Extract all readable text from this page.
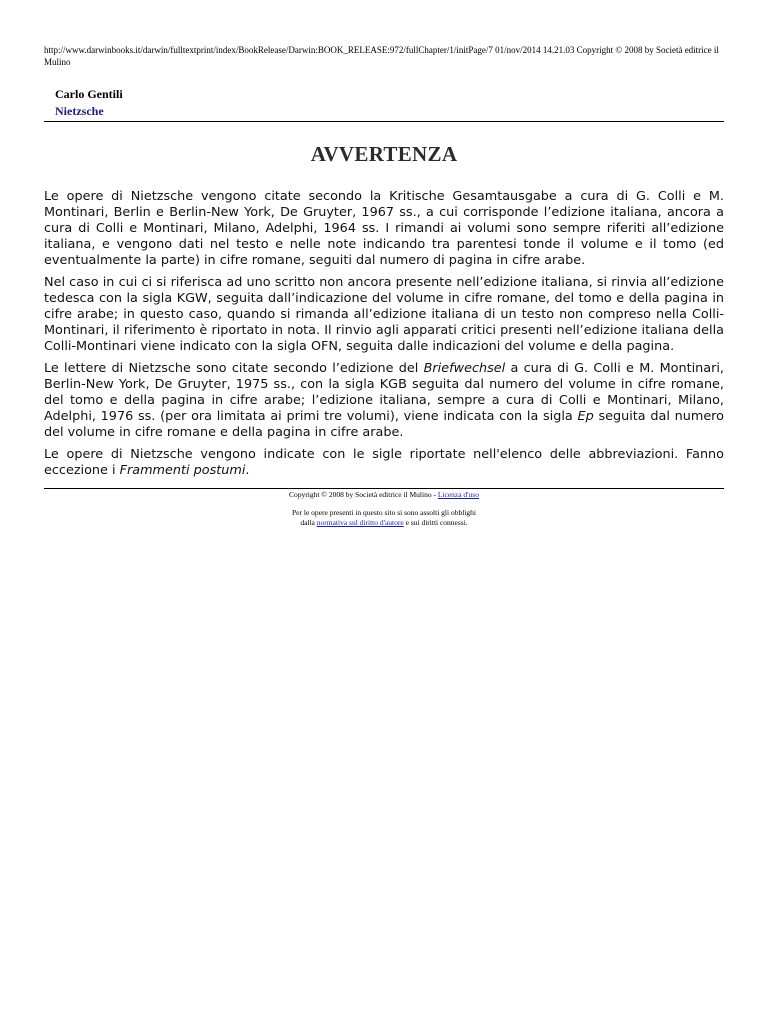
http://www.darwinbooks.it/darwin/fulltextprint/index/BookRelease/Darwin:BOOK_RELEASE:972/fullChapter/1/initPage/7 01/nov/2014 14.21.03 Copyright © 2008 by Società editrice il Mulino

Carlo Gentili
Nietzsche
AVVERTENZA

Le opere di Nietzsche vengono citate secondo la Kritische Gesamtausgabe a cura di G. Colli e M. Montinari, Berlin e Berlin-New York, De Gruyter, 1967 ss., a cui corrisponde l’edizione italiana, ancora a cura di Colli e Montinari, Milano, Adelphi, 1964 ss. I rimandi ai volumi sono sempre riferiti all’edizione italiana, e vengono dati nel testo e nelle note indicando tra parentesi tonde il volume e il tomo (ed eventualmente la parte) in cifre romane, seguiti dal numero di pagina in cifre arabe.

Nel caso in cui ci si riferisca ad uno scritto non ancora presente nell’edizione italiana, si rinvia all’edizione tedesca con la sigla KGW, seguita dall’indicazione del volume in cifre romane, del tomo e della pagina in cifre arabe; in questo caso, quando si rimanda all’edizione italiana di un testo non compreso nella Colli-Montinari, il riferimento è riportato in nota. Il rinvio agli apparati critici presenti nell’edizione italiana della Colli-Montinari viene indicato con la sigla OFN, seguita dalle indicazioni del volume e della pagina.

Le lettere di Nietzsche sono citate secondo l’edizione del Briefwechsel a cura di G. Colli e M. Montinari, Berlin-New York, De Gruyter, 1975 ss., con la sigla KGB seguita dal numero del volume in cifre romane, del tomo e della pagina in cifre arabe; l’edizione italiana, sempre a cura di Colli e Montinari, Milano, Adelphi, 1976 ss. (per ora limitata ai primi tre volumi), viene indicata con la sigla Ep seguita dal numero del volume in cifre romane e della pagina in cifre arabe.

Le opere di Nietzsche vengono indicate con le sigle riportate nell'elenco delle abbreviazioni. Fanno eccezione i Frammenti postumi.

Copyright © 2008 by Società editrice il Mulino - Licenza d'uso
Per le opere presenti in questo sito si sono assolti gli obblighi
dalla normativa sul diritto d'autore e sui diritti connessi.
